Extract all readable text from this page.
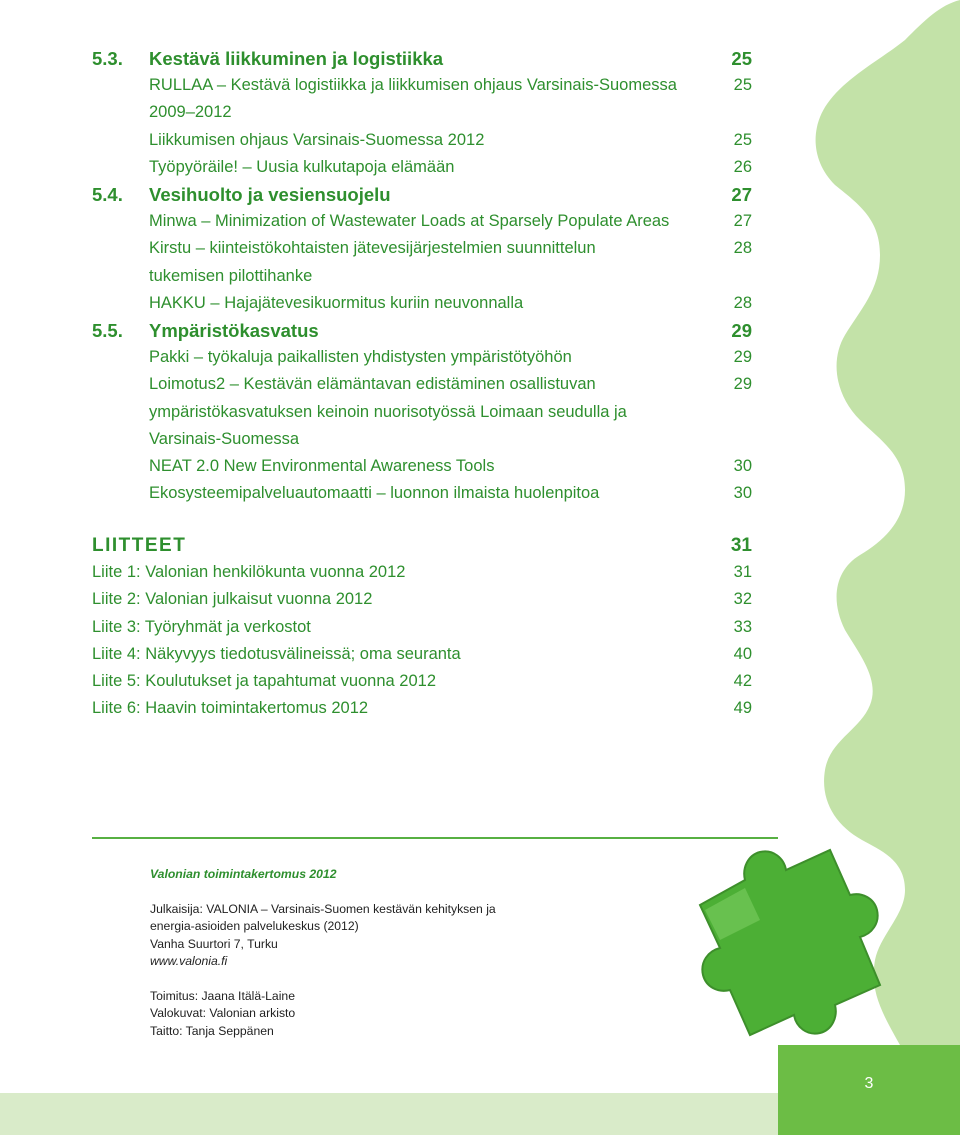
5.3. Kestävä liikkuminen ja logistiikka	25
RULLAA – Kestävä logistiikka ja liikkumisen ohjaus Varsinais-Suomessa	25
2009–2012
Liikkumisen ohjaus Varsinais-Suomessa 2012	25
Työpyöräile! – Uusia kulkutapoja elämään	26
5.4. Vesihuolto ja vesiensuojelu	27
Minwa – Minimization of Wastewater Loads at Sparsely Populate Areas	27
Kirstu – kiinteistökohtaisten jätevesijärjestelmien suunnittelun	28
tukemisen pilottihanke
HAKKU – Hajajätevesikuormitus kuriin neuvonnalla	28
5.5. Ympäristökasvatus	29
Pakki – työkaluja paikallisten yhdistysten ympäristötyöhön	29
Loimotus2 – Kestävän elämäntavan edistäminen osallistuvan	29
ympäristökasvatuksen keinoin nuorisotyössä Loimaan seudulla ja
Varsinais-Suomessa
NEAT 2.0 New Environmental Awareness Tools	30
Ekosysteemipalveluautomaatti – luonnon ilmaista huolenpitoa	30
LIITTEET	31
Liite 1: Valonian henkilökunta vuonna 2012	31
Liite 2: Valonian julkaisut vuonna 2012	32
Liite 3: Työryhmät ja verkostot	33
Liite 4: Näkyvyys tiedotusvälineissä; oma seuranta	40
Liite 5: Koulutukset ja tapahtumat vuonna 2012	42
Liite 6: Haavin toimintakertomus 2012	49
Valonian toimintakertomus 2012
Julkaisija: VALONIA – Varsinais-Suomen kestävän kehityksen ja
energia-asioiden palvelukeskus (2012)
Vanha Suurtori 7, Turku
www.valonia.fi
Toimitus: Jaana Itälä-Laine
Valokuvat: Valonian arkisto
Taitto: Tanja Seppänen
3
